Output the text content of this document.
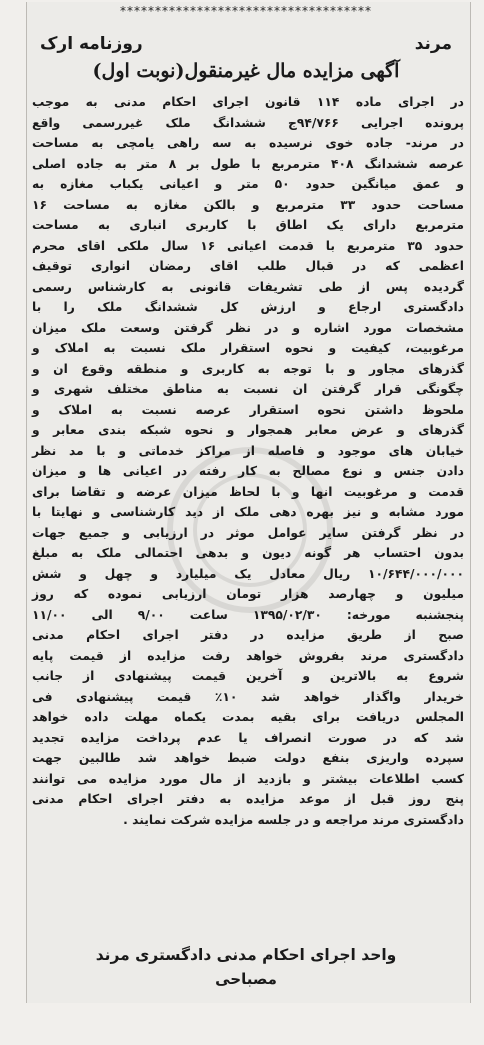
************************************
مرند
روزنامه ارک
آگهی مزایده مال غیرمنقول(نوبت اول)
در اجرای ماده ۱۱۴ قانون اجرای احکام مدنی به موجب
پرونده اجرایی ۹۴/۷۶۶ج ششدانگ ملک غیررسمی واقع
در مرند- جاده خوی نرسیده به سه راهی یامچی به مساحت
عرصه ششدانگ ۴۰۸ مترمربع با طول بر ۸ متر به جاده اصلی
و عمق میانگین حدود ۵۰ متر و اعیانی یکباب مغازه به
مساحت حدود ۳۳ مترمربع و بالکن مغازه به مساحت ۱۶
مترمربع دارای یک اطاق با کاربری انباری به مساحت
حدود ۳۵ مترمربع با قدمت اعیانی ۱۶ سال ملکی اقای محرم
اعظمی که در قبال طلب اقای رمضان انواری توقیف
گردیده پس از طی تشریفات قانونی به کارشناس رسمی
دادگستری ارجاع و ارزش کل ششدانگ ملک را با
مشخصات مورد اشاره و در نظر گرفتن وسعت ملک میزان
مرغوبیت، کیفیت و نحوه استقرار ملک نسبت به املاک و
گذرهای مجاور و با توجه به کاربری و منطقه وقوع ان و
چگونگی قرار گرفتن ان نسبت به مناطق مختلف شهری و
ملحوظ داشتن نحوه استقرار عرصه نسبت به املاک و
گذرهای و عرض معابر همجوار و نحوه شبکه بندی معابر و
خیابان های موجود و فاصله از مراکز خدماتی و با مد نظر
دادن جنس و نوع مصالح به کار رفته در اعیانی ها و میزان
قدمت و مرغوبیت انها و با لحاظ میزان عرضه و تقاضا برای
مورد مشابه و نیز بهره دهی ملک از دید کارشناسی و نهایتا با
در نظر گرفتن سایر عوامل موثر در ارزیابی و جمیع جهات
بدون احتساب هر گونه دیون و بدهی احتمالی ملک به مبلغ
۱۰/۶۴۴/۰۰۰/۰۰۰ ریال معادل یک میلیارد و چهل و شش
میلیون و چهارصد هزار تومان ارزیابی نموده که روز
پنجشنبه مورخه: ۱۳۹۵/۰۲/۳۰ ساعت ۹/۰۰ الی ۱۱/۰۰
صبح از طریق مزایده در دفتر اجرای احکام مدنی
دادگستری مرند بفروش خواهد رفت مزایده از قیمت پایه
شروع به بالاترین و آخرین قیمت پیشنهادی از جانب
خریدار واگذار خواهد شد ۱۰٪ قیمت پیشنهادی فی
المجلس دریافت برای بقیه بمدت یکماه مهلت داده خواهد
شد که در صورت انصراف یا عدم پرداخت مزایده تجدید
سپرده واریزی بنفع دولت ضبط خواهد شد طالبین جهت
کسب اطلاعات بیشتر و بازدید از مال مورد مزایده می توانند
پنج روز قبل از موعد مزایده به دفتر اجرای احکام مدنی
دادگستری مرند مراجعه و در جلسه مزایده شرکت نمایند .
واحد اجرای احکام مدنی دادگستری مرند
مصباحی
